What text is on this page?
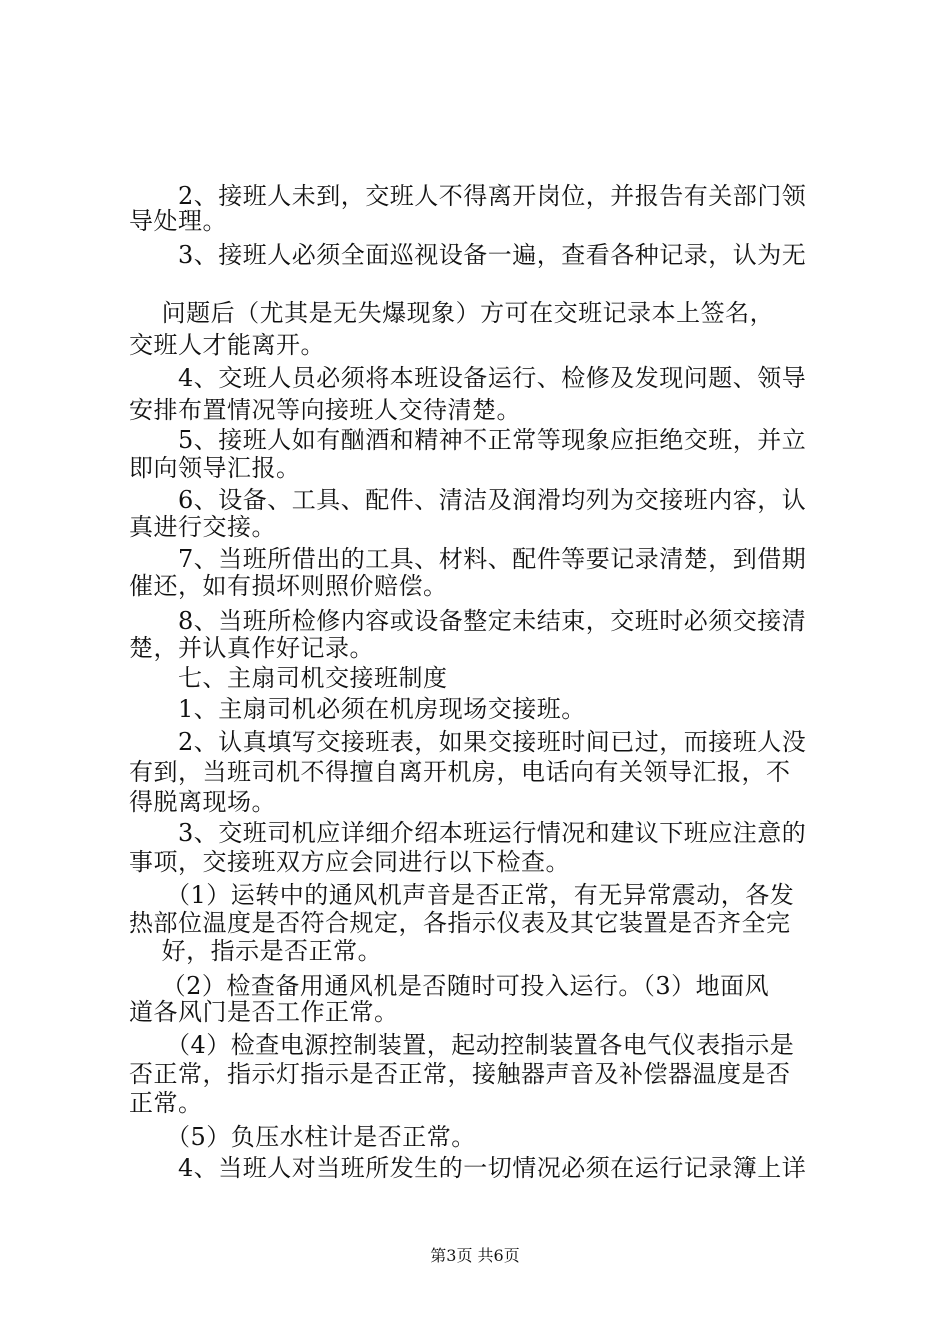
　　2、接班人未到，交班人不得离开岗位，并报告有关部门领
导处理。
　　3、接班人必须全面巡视设备一遍，查看各种记录，认为无
　 问题后（尤其是无失爆现象）方可在交班记录本上签名，
交班人才能离开。
　　4、交班人员必须将本班设备运行、检修及发现问题、领导
安排布置情况等向接班人交待清楚。
　　5、接班人如有酗酒和精神不正常等现象应拒绝交班，并立
即向领导汇报。
　　6、设备、工具、配件、清洁及润滑均列为交接班内容，认
真进行交接。
　　7、当班所借出的工具、材料、配件等要记录清楚，到借期
催还，如有损坏则照价赔偿。
　　8、当班所检修内容或设备整定未结束，交班时必须交接清
楚，并认真作好记录。
　　七、主扇司机交接班制度
　　1、主扇司机必须在机房现场交接班。
　　2、认真填写交接班表，如果交接班时间已过，而接班人没
有到，当班司机不得擅自离开机房，电话向有关领导汇报，不
得脱离现场。
　　3、交班司机应详细介绍本班运行情况和建议下班应注意的
事项，交接班双方应会同进行以下检查。
　　（1）运转中的通风机声音是否正常，有无异常震动，各发
热部位温度是否符合规定，各指示仪表及其它装置是否齐全完
　 好，指示是否正常。
　 （2）检查备用通风机是否随时可投入运行。（3）地面风
道各风门是否工作正常。
　　（4）检查电源控制装置，起动控制装置各电气仪表指示是
否正常，指示灯指示是否正常，接触器声音及补偿器温度是否
正常。
　　（5）负压水柱计是否正常。
　　4、当班人对当班所发生的一切情况必须在运行记录簿上详
第3页 共6页
